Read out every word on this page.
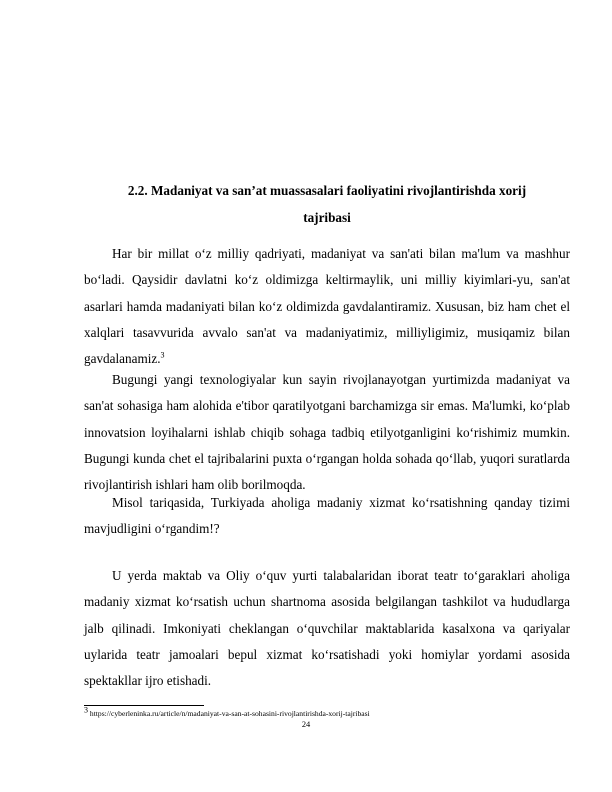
2.2. Madaniyat va san’at muassasalari faoliyatini rivojlantirishda xorij
tajribasi

Har bir millat o‘z milliy qadriyati, madaniyat va san'ati bilan ma'lum va mashhur bo‘ladi. Qaysidir davlatni ko‘z oldimizga keltirmaylik, uni milliy kiyimlari-yu, san'at asarlari hamda madaniyati bilan ko‘z oldimizda gavdalantiramiz. Xususan, biz ham chet el xalqlari tasavvurida avvalo san'at va madaniyatimiz, milliyligimiz, musiqamiz bilan gavdalanamiz.$^3$

Bugungi yangi texnologiyalar kun sayin rivojlanayotgan yurtimizda madaniyat va san'at sohasiga ham alohida e'tibor qaratilyotgani barchamizga sir emas. Ma'lumki, ko‘plab innovatsion loyihalarni ishlab chiqib sohaga tadbiq etilyotganligini ko‘rishimiz mumkin. Bugungi kunda chet el tajribalarini puxta o‘rgangan holda sohada qo‘llab, yuqori suratlarda rivojlantirish ishlari ham olib borilmoqda.

Misol tariqasida, Turkiyada aholiga madaniy xizmat ko‘rsatishning qanday tizimi mavjudligini o‘rgandim!?

U yerda maktab va Oliy o‘quv yurti talabalaridan iborat teatr to‘garaklari aholiga madaniy xizmat ko‘rsatish uchun shartnoma asosida belgilangan tashkilot va hududlarga jalb qilinadi. Imkoniyati cheklangan o‘quvchilar maktablarida kasalxona va qariyalar uylarida teatr jamoalari bepul xizmat ko‘rsatishadi yoki homiylar yordami asosida spektakllar ijro etishadi.

$^3$ https://cyberleninka.ru/article/n/madaniyat-va-san-at-sohasini-rivojlantirishda-xorij-tajribasi
24
